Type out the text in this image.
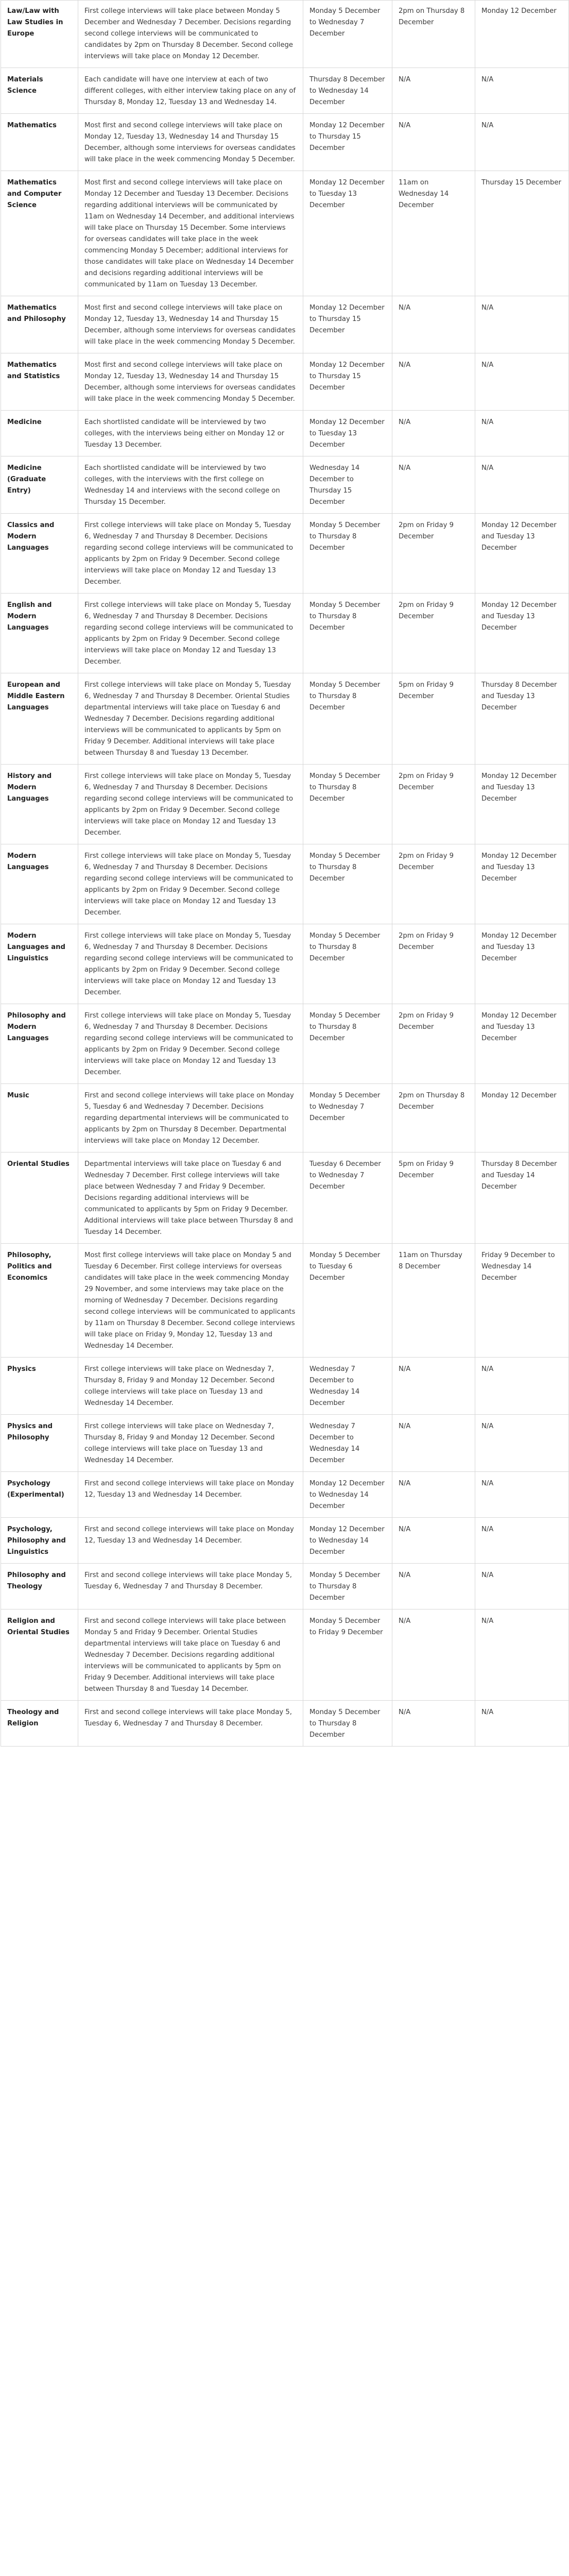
Law/Law with Law Studies in Europe	First college interviews will take place between Monday 5 December and Wednesday 7 December. Decisions regarding second college interviews will be communicated to candidates by 2pm on Thursday 8 December. Second college interviews will take place on Monday 12 December.	Monday 5 December to Wednesday 7 December	2pm on Thursday 8 December	Monday 12 December
Materials Science	Each candidate will have one interview at each of two different colleges, with either interview taking place on any of Thursday 8, Monday 12, Tuesday 13 and Wednesday 14.	Thursday 8 December to Wednesday 14 December	N/A	N/A
Mathematics	Most first and second college interviews will take place on Monday 12, Tuesday 13, Wednesday 14 and Thursday 15 December, although some interviews for overseas candidates will take place in the week commencing Monday 5 December.	Monday 12 December to Thursday 15 December	N/A	N/A
Mathematics and Computer Science	Most first and second college interviews will take place on Monday 12 December and Tuesday 13 December. Decisions regarding additional interviews will be communicated by 11am on Wednesday 14 December, and additional interviews will take place on Thursday 15 December. Some interviews for overseas candidates will take place in the week commencing Monday 5 December; additional interviews for those candidates will take place on Wednesday 14 December and decisions regarding additional interviews will be communicated by 11am on Tuesday 13 December.	Monday 12 December to Tuesday 13 December	11am on Wednesday 14 December	Thursday 15 December
Mathematics and Philosophy	Most first and second college interviews will take place on Monday 12, Tuesday 13, Wednesday 14 and Thursday 15 December, although some interviews for overseas candidates will take place in the week commencing Monday 5 December.	Monday 12 December to Thursday 15 December	N/A	N/A
Mathematics and Statistics	Most first and second college interviews will take place on Monday 12, Tuesday 13, Wednesday 14 and Thursday 15 December, although some interviews for overseas candidates will take place in the week commencing Monday 5 December.	Monday 12 December to Thursday 15 December	N/A	N/A
Medicine	Each shortlisted candidate will be interviewed by two colleges, with the interviews being either on Monday 12 or Tuesday 13 December.	Monday 12 December to Tuesday 13 December	N/A	N/A
Medicine (Graduate Entry)	Each shortlisted candidate will be interviewed by two colleges, with the interviews with the first college on Wednesday 14 and interviews with the second college on Thursday 15 December.	Wednesday 14 December to Thursday 15 December	N/A	N/A
Classics and Modern Languages	First college interviews will take place on Monday 5, Tuesday 6, Wednesday 7 and Thursday 8 December. Decisions regarding second college interviews will be communicated to applicants by 2pm on Friday 9 December. Second college interviews will take place on Monday 12 and Tuesday 13 December.	Monday 5 December to Thursday 8 December	2pm on Friday 9 December	Monday 12 December and Tuesday 13 December
English and Modern Languages	First college interviews will take place on Monday 5, Tuesday 6, Wednesday 7 and Thursday 8 December. Decisions regarding second college interviews will be communicated to applicants by 2pm on Friday 9 December. Second college interviews will take place on Monday 12 and Tuesday 13 December.	Monday 5 December to Thursday 8 December	2pm on Friday 9 December	Monday 12 December and Tuesday 13 December
European and Middle Eastern Languages	First college interviews will take place on Monday 5, Tuesday 6, Wednesday 7 and Thursday 8 December. Oriental Studies departmental interviews will take place on Tuesday 6 and Wednesday 7 December. Decisions regarding additional interviews will be communicated to applicants by 5pm on Friday 9 December. Additional interviews will take place between Thursday 8 and Tuesday 13 December.	Monday 5 December to Thursday 8 December	5pm on Friday 9 December	Thursday 8 December and Tuesday 13 December
History and Modern Languages	First college interviews will take place on Monday 5, Tuesday 6, Wednesday 7 and Thursday 8 December. Decisions regarding second college interviews will be communicated to applicants by 2pm on Friday 9 December. Second college interviews will take place on Monday 12 and Tuesday 13 December.	Monday 5 December to Thursday 8 December	2pm on Friday 9 December	Monday 12 December and Tuesday 13 December
Modern Languages	First college interviews will take place on Monday 5, Tuesday 6, Wednesday 7 and Thursday 8 December. Decisions regarding second college interviews will be communicated to applicants by 2pm on Friday 9 December. Second college interviews will take place on Monday 12 and Tuesday 13 December.	Monday 5 December to Thursday 8 December	2pm on Friday 9 December	Monday 12 December and Tuesday 13 December
Modern Languages and Linguistics	First college interviews will take place on Monday 5, Tuesday 6, Wednesday 7 and Thursday 8 December. Decisions regarding second college interviews will be communicated to applicants by 2pm on Friday 9 December. Second college interviews will take place on Monday 12 and Tuesday 13 December.	Monday 5 December to Thursday 8 December	2pm on Friday 9 December	Monday 12 December and Tuesday 13 December
Philosophy and Modern Languages	First college interviews will take place on Monday 5, Tuesday 6, Wednesday 7 and Thursday 8 December. Decisions regarding second college interviews will be communicated to applicants by 2pm on Friday 9 December. Second college interviews will take place on Monday 12 and Tuesday 13 December.	Monday 5 December to Thursday 8 December	2pm on Friday 9 December	Monday 12 December and Tuesday 13 December
Music	First and second college interviews will take place on Monday 5, Tuesday 6 and Wednesday 7 December. Decisions regarding departmental interviews will be communicated to applicants by 2pm on Thursday 8 December. Departmental interviews will take place on Monday 12 December.	Monday 5 December to Wednesday 7 December	2pm on Thursday 8 December	Monday 12 December
Oriental Studies	Departmental interviews will take place on Tuesday 6 and Wednesday 7 December. First college interviews will take place between Wednesday 7 and Friday 9 December. Decisions regarding additional interviews will be communicated to applicants by 5pm on Friday 9 December. Additional interviews will take place between Thursday 8 and Tuesday 14 December.	Tuesday 6 December to Wednesday 7 December	5pm on Friday 9 December	Thursday 8 December and Tuesday 14 December
Philosophy, Politics and Economics	Most first college interviews will take place on Monday 5 and Tuesday 6 December. First college interviews for overseas candidates will take place in the week commencing Monday 29 November, and some interviews may take place on the morning of Wednesday 7 December. Decisions regarding second college interviews will be communicated to applicants by 11am on Thursday 8 December. Second college interviews will take place on Friday 9, Monday 12, Tuesday 13 and Wednesday 14 December.	Monday 5 December to Tuesday 6 December	11am on Thursday 8 December	Friday 9 December to Wednesday 14 December
Physics	First college interviews will take place on Wednesday 7, Thursday 8, Friday 9 and Monday 12 December. Second college interviews will take place on Tuesday 13 and Wednesday 14 December.	Wednesday 7 December to Wednesday 14 December	N/A	N/A
Physics and Philosophy	First college interviews will take place on Wednesday 7, Thursday 8, Friday 9 and Monday 12 December. Second college interviews will take place on Tuesday 13 and Wednesday 14 December.	Wednesday 7 December to Wednesday 14 December	N/A	N/A
Psychology (Experimental)	First and second college interviews will take place on Monday 12, Tuesday 13 and Wednesday 14 December.	Monday 12 December to Wednesday 14 December	N/A	N/A
Psychology, Philosophy and Linguistics	First and second college interviews will take place on Monday 12, Tuesday 13 and Wednesday 14 December.	Monday 12 December to Wednesday 14 December	N/A	N/A
Philosophy and Theology	First and second college interviews will take place Monday 5, Tuesday 6, Wednesday 7 and Thursday 8 December.	Monday 5 December to Thursday 8 December	N/A	N/A
Religion and Oriental Studies	First and second college interviews will take place between Monday 5 and Friday 9 December. Oriental Studies departmental interviews will take place on Tuesday 6 and Wednesday 7 December. Decisions regarding additional interviews will be communicated to applicants by 5pm on Friday 9 December. Additional interviews will take place between Thursday 8 and Tuesday 14 December.	Monday 5 December to Friday 9 December	N/A	N/A
Theology and Religion	First and second college interviews will take place Monday 5, Tuesday 6, Wednesday 7 and Thursday 8 December.	Monday 5 December to Thursday 8 December	N/A	N/A
